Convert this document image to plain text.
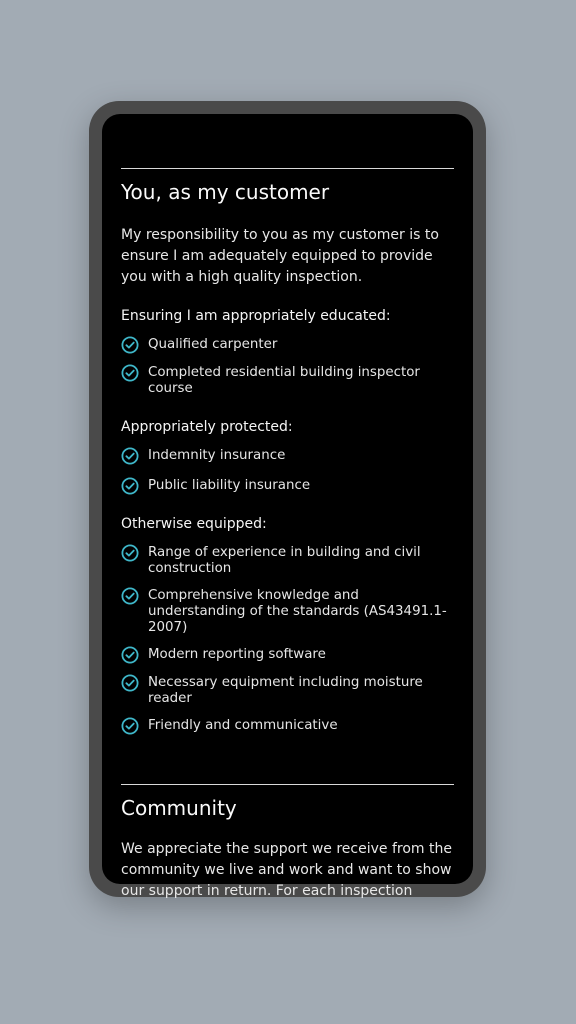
You, as my customer

My responsibility to you as my customer is to ensure I am adequately equipped to provide you with a high quality inspection.

Ensuring I am appropriately educated:

Qualified carpenter
Completed residential building inspector course

Appropriately protected:

Indemnity insurance
Public liability insurance

Otherwise equipped:

Range of experience in building and civil construction
Comprehensive knowledge and understanding of the standards (AS43491.1-2007)
Modern reporting software
Necessary equipment including moisture reader
Friendly and communicative
Community

We appreciate the support we receive from the community we live and work and want to show our support in return. For each inspection
